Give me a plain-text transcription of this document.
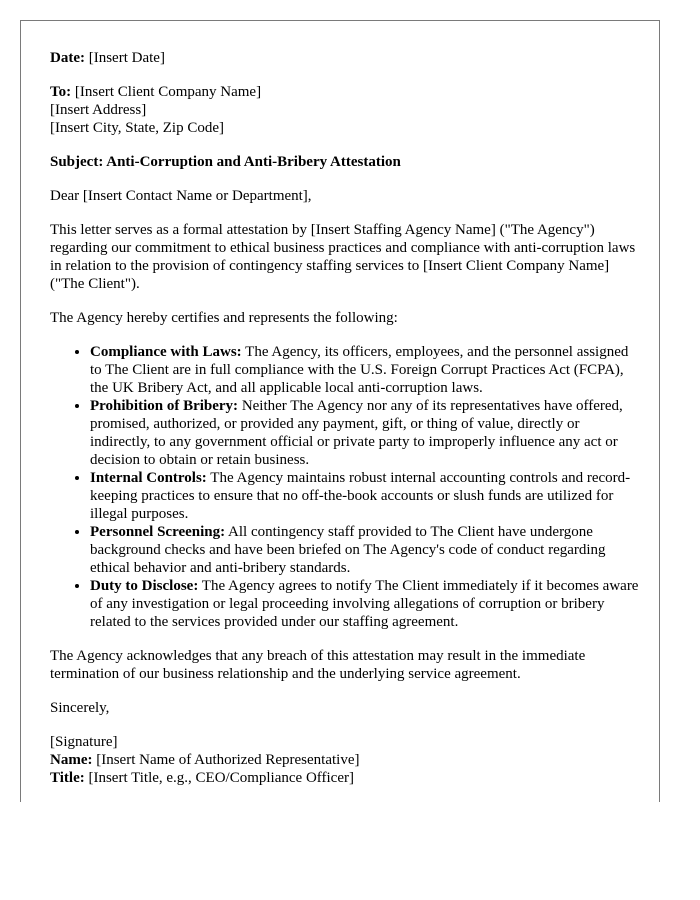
Date: [Insert Date]

To: [Insert Client Company Name]
[Insert Address]
[Insert City, State, Zip Code]

Subject: Anti-Corruption and Anti-Bribery Attestation

Dear [Insert Contact Name or Department],

This letter serves as a formal attestation by [Insert Staffing Agency Name] ("The Agency") regarding our commitment to ethical business practices and compliance with anti-corruption laws in relation to the provision of contingency staffing services to [Insert Client Company Name] ("The Client").

The Agency hereby certifies and represents the following:

• Compliance with Laws: The Agency, its officers, employees, and the personnel assigned to The Client are in full compliance with the U.S. Foreign Corrupt Practices Act (FCPA), the UK Bribery Act, and all applicable local anti-corruption laws.
• Prohibition of Bribery: Neither The Agency nor any of its representatives have offered, promised, authorized, or provided any payment, gift, or thing of value, directly or indirectly, to any government official or private party to improperly influence any act or decision to obtain or retain business.
• Internal Controls: The Agency maintains robust internal accounting controls and record-keeping practices to ensure that no off-the-book accounts or slush funds are utilized for illegal purposes.
• Personnel Screening: All contingency staff provided to The Client have undergone background checks and have been briefed on The Agency's code of conduct regarding ethical behavior and anti-bribery standards.
• Duty to Disclose: The Agency agrees to notify The Client immediately if it becomes aware of any investigation or legal proceeding involving allegations of corruption or bribery related to the services provided under our staffing agreement.

The Agency acknowledges that any breach of this attestation may result in the immediate termination of our business relationship and the underlying service agreement.

Sincerely,

[Signature]
Name: [Insert Name of Authorized Representative]
Title: [Insert Title, e.g., CEO/Compliance Officer]
